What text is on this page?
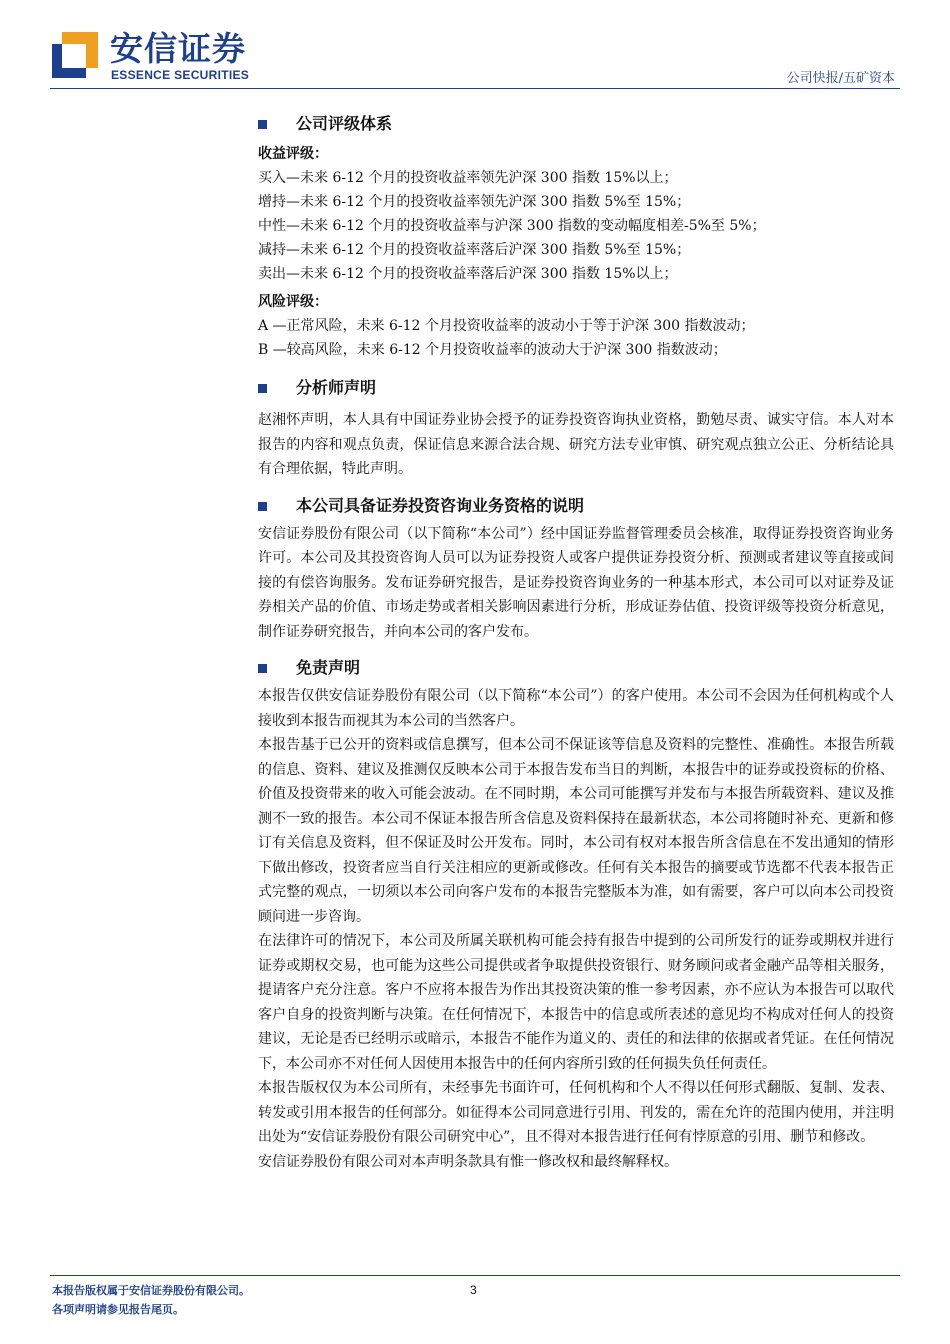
安信证券
ESSENCE SECURITIES	公司快报/五矿资本
公司评级体系
收益评级：
买入—未来 6-12 个月的投资收益率领先沪深 300 指数 15%以上；
增持—未来 6-12 个月的投资收益率领先沪深 300 指数 5%至 15%；
中性—未来 6-12 个月的投资收益率与沪深 300 指数的变动幅度相差-5%至 5%；
减持—未来 6-12 个月的投资收益率落后沪深 300 指数 5%至 15%；
卖出—未来 6-12 个月的投资收益率落后沪深 300 指数 15%以上；
风险评级：
A —正常风险，未来 6-12 个月投资收益率的波动小于等于沪深 300 指数波动；
B —较高风险，未来 6-12 个月投资收益率的波动大于沪深 300 指数波动；
分析师声明

赵湘怀声明，本人具有中国证券业协会授予的证券投资咨询执业资格，勤勉尽责、诚实守信。本人对本报告的内容和观点负责，保证信息来源合法合规、研究方法专业审慎、研究观点独立公正、分析结论具有合理依据，特此声明。

本公司具备证券投资咨询业务资格的说明

安信证券股份有限公司（以下简称“本公司”）经中国证券监督管理委员会核准，取得证券投资咨询业务许可。本公司及其投资咨询人员可以为证券投资人或客户提供证券投资分析、预测或者建议等直接或间接的有偿咨询服务。发布证券研究报告，是证券投资咨询业务的一种基本形式，本公司可以对证券及证券相关产品的价值、市场走势或者相关影响因素进行分析，形成证券估值、投资评级等投资分析意见，制作证券研究报告，并向本公司的客户发布。

免责声明

本报告仅供安信证券股份有限公司（以下简称“本公司”）的客户使用。本公司不会因为任何机构或个人接收到本报告而视其为本公司的当然客户。

本报告基于已公开的资料或信息撰写，但本公司不保证该等信息及资料的完整性、准确性。本报告所载的信息、资料、建议及推测仅反映本公司于本报告发布当日的判断，本报告中的证券或投资标的价格、价值及投资带来的收入可能会波动。在不同时期，本公司可能撰写并发布与本报告所载资料、建议及推测不一致的报告。本公司不保证本报告所含信息及资料保持在最新状态，本公司将随时补充、更新和修订有关信息及资料，但不保证及时公开发布。同时，本公司有权对本报告所含信息在不发出通知的情形下做出修改，投资者应当自行关注相应的更新或修改。任何有关本报告的摘要或节选都不代表本报告正式完整的观点，一切须以本公司向客户发布的本报告完整版本为准，如有需要，客户可以向本公司投资顾问进一步咨询。

在法律许可的情况下，本公司及所属关联机构可能会持有报告中提到的公司所发行的证券或期权并进行证券或期权交易，也可能为这些公司提供或者争取提供投资银行、财务顾问或者金融产品等相关服务，提请客户充分注意。客户不应将本报告为作出其投资决策的惟一参考因素，亦不应认为本报告可以取代客户自身的投资判断与决策。在任何情况下，本报告中的信息或所表述的意见均不构成对任何人的投资建议，无论是否已经明示或暗示，本报告不能作为道义的、责任的和法律的依据或者凭证。在任何情况下，本公司亦不对任何人因使用本报告中的任何内容所引致的任何损失负任何责任。

本报告版权仅为本公司所有，未经事先书面许可，任何机构和个人不得以任何形式翻版、复制、发表、转发或引用本报告的任何部分。如征得本公司同意进行引用、刊发的，需在允许的范围内使用，并注明出处为“安信证券股份有限公司研究中心”，且不得对本报告进行任何有悖原意的引用、删节和修改。

安信证券股份有限公司对本声明条款具有惟一修改权和最终解释权。

本报告版权属于安信证券股份有限公司。
各项声明请参见报告尾页。
3
